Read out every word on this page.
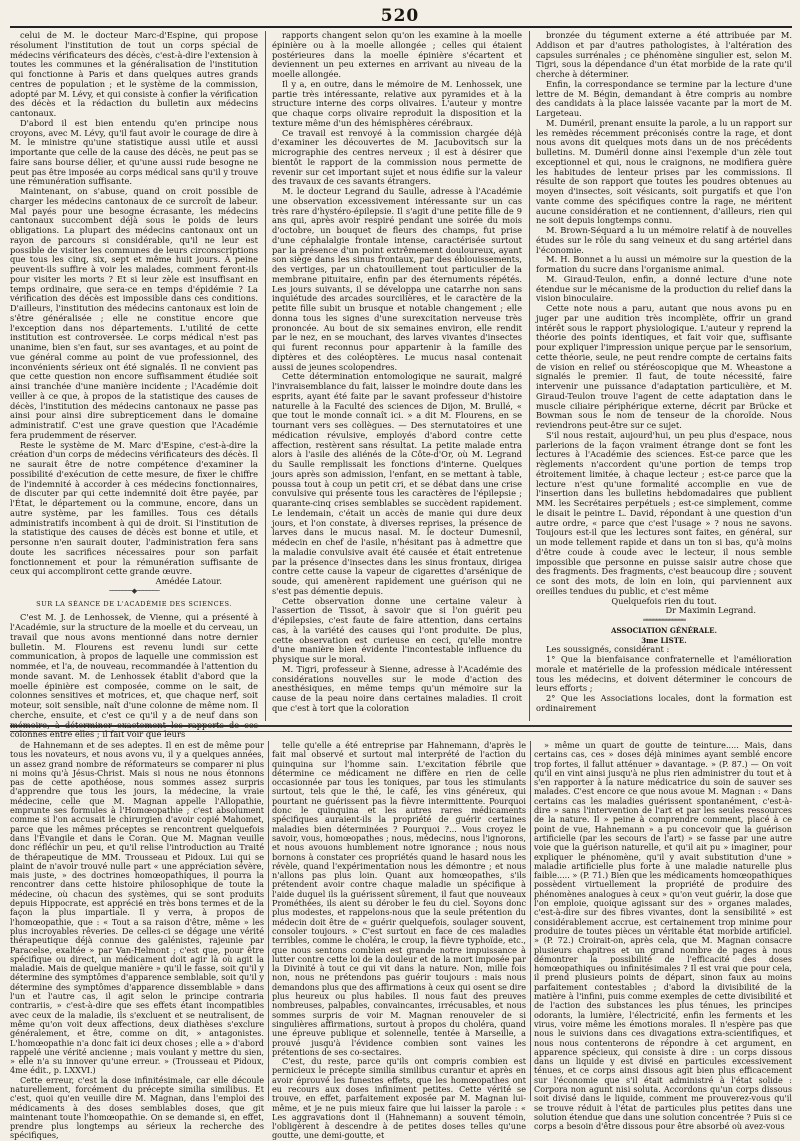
520

celui de M. le docteur Marc-d'Espine, qui propose résolument l'institution de tout un corps spécial de médecins vérificateurs des décès, c'est-à-dire l'extension à toutes les communes et la généralisation de l'institution qui fonctionne à Paris et dans quelques autres grands centres de population ; et le système de la commission, adopté par M. Lévy, et qui consiste à confier la vérification des décès et la rédaction du bulletin aux médecins cantonaux.

D'abord il est bien entendu qu'en principe nous croyons, avec M. Lévy, qu'il faut avoir le courage de dire à M. le ministre qu'une statistique aussi utile et aussi importante que celle de la cause des décès, ne peut pas se faire sans bourse délier, et qu'une aussi rude besogne ne peut pas être imposée au corps médical sans qu'il y trouve une rémunération suffisante.

Maintenant, on s'abuse, quand on croit possible de charger les médecins cantonaux de ce surcroît de labeur. Mal payés pour une besogne écrasante, les médecins cantonaux succombent déjà sous le poids de leurs obligations. La plupart des médecins cantonaux ont un rayon de parcours si considérable, qu'il ne leur est possible de visiter les communes de leurs circonscriptions que tous les cinq, six, sept et même huit jours. À peine peuvent-ils suffire à voir les malades, comment feront-ils pour visiter les morts ? Et si leur zèle est insuffisant en temps ordinaire, que sera-ce en temps d'épidémie ? La vérification des décès est impossible dans ces conditions. D'ailleurs, l'institution des médecins cantonaux est loin de s'être généralisée ; elle ne constitue encore que l'exception dans nos départements. L'utilité de cette institution est controversée. Le corps médical n'est pas unanime, bien s'en faut, sur ses avantages, et au point de vue général comme au point de vue professionnel, des inconvénients sérieux ont été signalés. Il ne convient pas que cette question non encore suffisamment étudiée soit ainsi tranchée d'une manière incidente ; l'Académie doit veiller à ce que, à propos de la statistique des causes de décès, l'institution des médecins cantonaux ne passe pas ainsi pour ainsi dire subrepticement dans le domaine administratif. C'est une grave question que l'Académie fera prudemment de réserver.

Reste le système de M. Marc d'Espine, c'est-à-dire la création d'un corps de médecins vérificateurs des décès. Il ne saurait être de notre compétence d'examiner la possibilité d'exécution de cette mesure, de fixer le chiffre de l'indemnité à accorder à ces médecins fonctionnaires, de discuter par qui cette indemnité doit être payée, par l'État, le département ou la commune, encore, dans un autre système, par les familles. Tous ces détails administratifs incombent à qui de droit. Si l'institution de la statistique des causes de décès est bonne et utile, et personne n'en saurait douter, l'administration fera sans doute les sacrifices nécessaires pour son parfait fonctionnement et pour la rémunération suffisante de ceux qui accompliront cette grande œuvre.

Amédée Latour.

───────◆───────
SUR LA SÉANCE DE L'ACADÉMIE DES SCIENCES.

C'est M. J. de Lenhossek, de Vienne, qui a présenté à l'Académie, sur la structure de la moelle et du cerveau, un travail que nous avons mentionné dans notre dernier bulletin. M. Flourens est revenu lundi sur cette communication, à propos de laquelle une commission est nommée, et l'a, de nouveau, recommandée à l'attention du monde savant. M. de Lenhossek établit d'abord que la moelle épinière est composée, comme on le sait, de colonnes sensitives et motrices, et, que chaque nerf, soit moteur, soit sensible, naît d'une colonne de même nom. Il cherche, ensuite, et c'est ce qu'il y a de neuf dans son mémoire, à déterminer exactement les rapports de ces colonnes entre elles ; il fait voir que leurs

rapports changent selon qu'on les examine à la moelle épinière ou à la moelle allongée ; celles qui étaient postérieures dans la moelle épinière s'écartent et deviennent un peu externes en arrivant au niveau de la moelle allongée.

Il y a, en outre, dans le mémoire de M. Lenhossek, une partie très intéressante, relative aux pyramides et à la structure interne des corps olivaires. L'auteur y montre que chaque corps olivaire reproduit la disposition et la texture même d'un des hémisphères cérébraux.

Ce travail est renvoyé à la commission chargée déjà d'examiner les découvertes de M. Jacubovitsch sur la micrographie des centres nerveux ; il est à désirer que bientôt le rapport de la commission nous permette de revenir sur cet important sujet et nous édifie sur la valeur des travaux de ces savants étrangers.

M. le docteur Legrand du Saulle, adresse à l'Académie une observation excessivement intéressante sur un cas très rare d'hystéro-épilepsie. Il s'agit d'une petite fille de 9 ans qui, après avoir respiré pendant une soirée du mois d'octobre, un bouquet de fleurs des champs, fut prise d'une céphalalgie frontale intense, caractérisée surtout par la présence d'un point extrêmement douloureux, ayant son siège dans les sinus frontaux, par des éblouissements, des vertiges, par un chatouillement tout particulier de la membrane pituitaire, enfin par des éternuments répétés. Les jours suivants, il se développa une catarrhe non sans inquiétude des arcades sourcilières, et le caractère de la petite fille subit un brusque et notable changement ; elle donna tous les signes d'une surexcitation nerveuse très prononcée. Au bout de six semaines environ, elle rendit par le nez, en se mouchant, des larves vivantes d'insectes qui furent reconnus pour appartenir à la famille des diptères et des coléoptères. Le mucus nasal contenait aussi de jeunes scolopendres.

Cette détermination entomologique ne saurait, malgré l'invraisemblance du fait, laisser le moindre doute dans les esprits, ayant été faite par le savant professeur d'histoire naturelle à la Faculté des sciences de Dijon, M. Brullé, « que tout le monde connaît ici. » a dit M. Flourens, en se tournant vers ses collègues. — Des sternutatoires et une médication révulsive, employés d'abord contre cette affection, restèrent sans résultat. La petite malade entra alors à l'asile des aliénés de la Côte-d'Or, où M. Legrand du Saulle remplissait les fonctions d'interne. Quelques jours après son admission, l'enfant, en se mettant à table, poussa tout à coup un petit cri, et se débat dans une crise convulsive qui présente tous les caractères de l'épilepsie ; quarante-cinq crises semblables se succèdent rapidement. Le lendemain, c'était un accès de manie qui dure deux jours, et l'on constate, à diverses reprises, la présence de larves dans le mucus nasal. M. le docteur Dumesnil, médecin en chef de l'asile, n'hésitant pas à admettre que la maladie convulsive avait été causée et était entretenue par la présence d'insectes dans les sinus frontaux, dirigea contre cette cause la vapeur de cigarettes d'arsénique de soude, qui amenèrent rapidement une guérison qui ne s'est pas démentie depuis.

Cette observation donne une certaine valeur à l'assertion de Tissot, à savoir que si l'on guérit peu d'épilepsies, c'est faute de faire attention, dans certains cas, à la variété des causes qui l'ont produite. De plus, cette observation est curieuse en ceci, qu'elle montre d'une manière bien évidente l'incontestable influence du physique sur le moral.

M. Tigri, professeur à Sienne, adresse à l'Académie des considérations nouvelles sur le mode d'action des anesthésiques, en même temps qu'un mémoire sur la cause de la peau noire dans certaines maladies. Il croit que c'est à tort que la coloration

bronzée du tégument externe a été attribuée par M. Addison et par d'autres pathologistes, à l'altération des capsules surrénales ; ce phénomène singulier est, selon M. Tigri, sous la dépendance d'un état morbide de la rate qu'il cherche à déterminer.

Enfin, la correspondance se termine par la lecture d'une lettre de M. Bégin, demandant à être compris au nombre des candidats à la place laissée vacante par la mort de M. Largeteau.

M. Duméril, prenant ensuite la parole, a lu un rapport sur les remèdes récemment préconisés contre la rage, et dont nous avons dit quelques mots dans un de nos précédents bulletins. M. Duméril donne ainsi l'exemple d'un zèle tout exceptionnel et qui, nous le craignons, ne modifiera guère les habitudes de lenteur prises par les commissions. Il résulte de son rapport que toutes les poudres obtenues au moyen d'insectes, soit vésicants, soit purgatifs et que l'on vante comme des spécifiques contre la rage, ne méritent aucune considération et ne contiennent, d'ailleurs, rien qui ne soit depuis longtemps connu.

M. Brown-Séquard a lu un mémoire relatif à de nouvelles études sur le rôle du sang veineux et du sang artériel dans l'économie.

M. H. Bonnet a lu aussi un mémoire sur la question de la formation du sucre dans l'organisme animal.

M. Giraud-Teulon, enfin, a donné lecture d'une note étendue sur le mécanisme de la production du relief dans la vision binoculaire.

Cette note nous a paru, autant que nous avons pu en juger par une audition très incomplète, offrir un grand intérêt sous le rapport physiologique. L'auteur y reprend la théorie des points identiques, et fait voir que, suffisante pour expliquer l'impression unique perçue par le sensorium, cette théorie, seule, ne peut rendre compte de certains faits de vision en relief ou stéréoscopique que M. Wheastone a signalés le premier. Il faut, de toute nécessité, faire intervenir une puissance d'adaptation particulière, et M. Giraud-Teulon trouve l'agent de cette adaptation dans le muscle ciliaire périphérique externe, décrit par Brücke et Bowman sous le nom de tenseur de la choroïde. Nous reviendrons peut-être sur ce sujet.

S'il nous restait, aujourd'hui, un peu plus d'espace, nous parlerions de la façon vraiment étrange dont se font les lectures à l'Académie des sciences. Est-ce parce que les règlements n'accordent qu'une portion de temps trop étroitement limitée, à chaque lecteur ; est-ce parce que la lecture n'est qu'une formalité accomplie en vue de l'insertion dans les bulletins hebdomadaires que publient MM. les Secrétaires perpétuels ; est-ce simplement, comme le disait le peintre L. David, répondant à une question d'un autre ordre, « parce que c'est l'usage » ? nous ne savons. Toujours est-il que les lectures sont faites, en général, sur un mode tellement rapide et dans un ton si bas, qu'à moins d'être coude à coude avec le lecteur, il nous semble impossible que personne en puisse saisir autre chose que des fragments. Des fragments, c'est beaucoup dire ; souvent ce sont des mots, de loin en loin, qui parviennent aux oreilles tendues du public, et c'est même

Quelquefois rien du tout.

Dr Maximin Legrand.

═════════════

ASSOCIATION GÉNÉRALE.

3me LISTE.

Les soussignés, considérant :

1° Que la bienfaisance confraternelle et l'amélioration morale et matérielle de la profession médicale intéressent tous les médecins, et doivent déterminer le concours de leurs efforts ;

2° Que les Associations locales, dont la formation est ordinairement

de Hahnemann et de ses adeptes. Il en est de même pour tous les novateurs, et nous avons vu, il y a quelques années, un assez grand nombre de réformateurs se comparer ni plus ni moins qu'à Jésus-Christ. Mais si nous ne nous étonnons pas de cette apothéose, nous sommes assez surpris d'apprendre que tous les jours, la médecine, la vraie médecine, celle que M. Magnan appelle l'Allopathie, emprunte ses formules à l'Homœopathie ; c'est absolument comme si l'on accusait le chirurgien d'avoir copié Mahomet, parce que les mêmes préceptes se rencontrent quelquefois dans l'Évangile et dans le Coran. Que M. Magnan veuille donc réfléchir un peu, et qu'il relise l'introduction au Traité de thérapeutique de MM. Trousseau et Pidoux. Lui qui se plaint de n'avoir trouvé nulle part « une appréciation sévère, mais juste, » des doctrines homœopathiques, il pourra la rencontrer dans cette histoire philosophique de toute la médecine, où chacun des systèmes, qui se sont produits depuis Hippocrate, est apprécié en très bons termes et de la façon la plus impartiale. Il y verra, à propos de l'homœopathie, que : « Tout a sa raison d'être, même » les plus incroyables rêveries. De celles-ci se dégage une vérité thérapeutique déjà connue des galénistes, rajeunie par Paracelse, exaltée » par Van-Helmont ; c'est que, pour être spécifique ou direct, un médicament doit agir là où agit la maladie. Mais de quelque manière » qu'il le fasse, soit qu'il y détermine des symptômes d'apparence semblable, soit qu'il y détermine des symptômes d'apparence dissemblable » dans l'un et l'autre cas, il agit selon le principe contraria contrariis, » c'est-à-dire que ses effets étant incompatibles avec ceux de la maladie, ils s'excluent et se neutralisent, de même qu'on voit deux affections, deux diathèses s'exclure généralement, et être, comme on dit, » antagonistes. L'homœopathie n'a donc fait ici deux choses ; elle a » d'abord rappelé une vérité ancienne ; mais voulant y mettre du sien, » elle n'a su innover qu'une erreur. » (Trousseau et Pidoux, 4me édit., p. LXXVI.)

Cette erreur, c'est la dose infinitésimale, car elle découle naturellement, forcément du précepte similia similibus. Et c'est, quoi qu'en veuille dire M. Magnan, dans l'emploi des médicaments à des doses semblables doses, que git maintenant toute l'homœopathie. On se demande si, en effet, prendre plus longtemps au sérieux la recherche des spécifiques,

telle qu'elle a été entreprise par Hahnemann, d'après le fait mal observé et surtout mal interprété de l'action du quinquina sur l'homme sain. L'excitation fébrile que détermine ce médicament ne diffère en rien de celle occasionnée par tous les toniques, par tous les stimulants surtout, tels que le thé, le café, les vins généreux, qui pourtant ne guérissent pas la fièvre intermittente. Pourquoi donc le quinquina et les autres rares médicaments spécifiques auraient-ils la propriété de guérir certaines maladies bien déterminées ? Pourquoi ?... Vous croyez le savoir, vous, homœopathes ; nous, médecins, nous l'ignorons, et nous avouons humblement notre ignorance ; nous nous bornons à constater ces propriétés quand le hasard nous les révèle, quand l'expérimentation nous les démontre ; et nous n'allons pas plus loin. Quant aux homœopathes, s'ils prétendent avoir contre chaque maladie un spécifique à l'aide duquel ils la guérissent sûrement, il faut que nouveaux Prométhées, ils aient su dérober le feu du ciel. Soyons donc plus modestes, et rappelons-nous que la seule prétention du médecin doit être de « guérir quelquefois, soulager souvent, consoler toujours. » C'est surtout en face de ces maladies terribles, comme le choléra, le croup, la fièvre typhoïde, etc., que nous sentons combien est grande notre impuissance à lutter contre cette loi de la douleur et de la mort imposée par la Divinité à tout ce qui vit dans la nature. Non, mille fois non, nous ne prétendons pas guérir toujours : mais nous demandons plus que des affirmations à ceux qui osent se dire plus heureux ou plus habiles. Il nous faut des preuves nombreuses, palpables, convaincantes, irrécusables, et nous sommes surpris de voir M. Magnan renouveler de si singulières affirmations, surtout à propos du choléra, quand une épreuve publique et solennelle, tentée à Marseille, a prouvé jusqu'à l'évidence combien sont vaines les prétentions de ses co-sectaires.

C'est, du reste, parce qu'ils ont compris combien est pernicieux le précepte similia similibus curantur et après en avoir éprouvé les funestes effets, que les homœopathes ont eu recours aux doses infiniment petites. Cette vérité se trouve, en effet, parfaitement exposée par M. Magnan lui-même, et je ne puis mieux faire que lui laisser la parole : « Les aggravations dont il (Hahnemann) a souvent témoin, l'obligèrent à descendre à de petites doses telles qu'une goutte, une demi-goutte, et

» même un quart de goutte de teinture..... Mais, dans certains cas, ces » doses déjà minimes ayant semblé encore trop fortes, il fallut atténuer » davantage. » (P. 87.) — On voit qu'il en vint ainsi jusqu'à ne plus rien administrer du tout et à s'en rapporter à la nature médicatrice du soin de sauver ses malades. C'est encore ce que nous avoue M. Magnan : « Dans certains cas les maladies guérissent spontanément, c'est-à-dire » sans l'intervention de l'art et par les seules ressources de la nature. Il » peine à comprendre comment, placé à ce point de vue, Hahnemann » a pu concevoir que la guérison artificielle (par les secours de l'art) » se fasse par une autre voie que la guérison naturelle, et qu'il ait pu » imaginer, pour expliquer le phénomène, qu'il y avait substitution d'une » maladie artificielle plus forte à une maladie naturelle plus faible..... » (P. 71.) Bien que les médicaments homœopathiques possèdent virtuellement la propriété de produire des phénomènes analogues à ceux » qu'on veut guérir, la dose que l'on emploie, quoique agissant sur des » organes malades, c'est-à-dire sur des fibres vivantes, dont la sensibilité » est considérablement accrue, est certainement trop minime pour produire de toutes pièces un véritable état morbide artificiel. » (P. 72.) Croirait-on, après cela, que M. Magnan consacre plusieurs chapitres et un grand nombre de pages à nous démontrer la possibilité de l'efficacité des doses homœopathiques ou infinitésimales ? Il est vrai que pour cela, il prend plusieurs points de départ, sinon faux au moins parfaitement contestables ; d'abord la divisibilité de la matière à l'infini, puis comme exemples de cette divisibilité et de l'action des substances les plus ténues, les principes odorants, la lumière, l'électricité, enfin les ferments et les virus, voire même les émotions morales. Il n'espère pas que nous le suivions dans ces divagations extra-scientifiques, et nous nous contenterons de répondre à cet argument, en apparence spécieux, qui consiste à dire : un corps dissous dans un liquide y est divisé en particules excessivement ténues, et ce corps ainsi dissous agit bien plus efficacement sur l'économie que s'il était administré à l'état solide : Corpora non agunt nisi soluta. Accordons qu'un corps dissous soit divisé dans le liquide, comment me prouverez-vous qu'il se trouve réduit à l'état de particules plus petites dans une solution étendue que dans une solution concentrée ? Puis si ce corps a besoin d'être dissous pour être absorbé où avez-vous
